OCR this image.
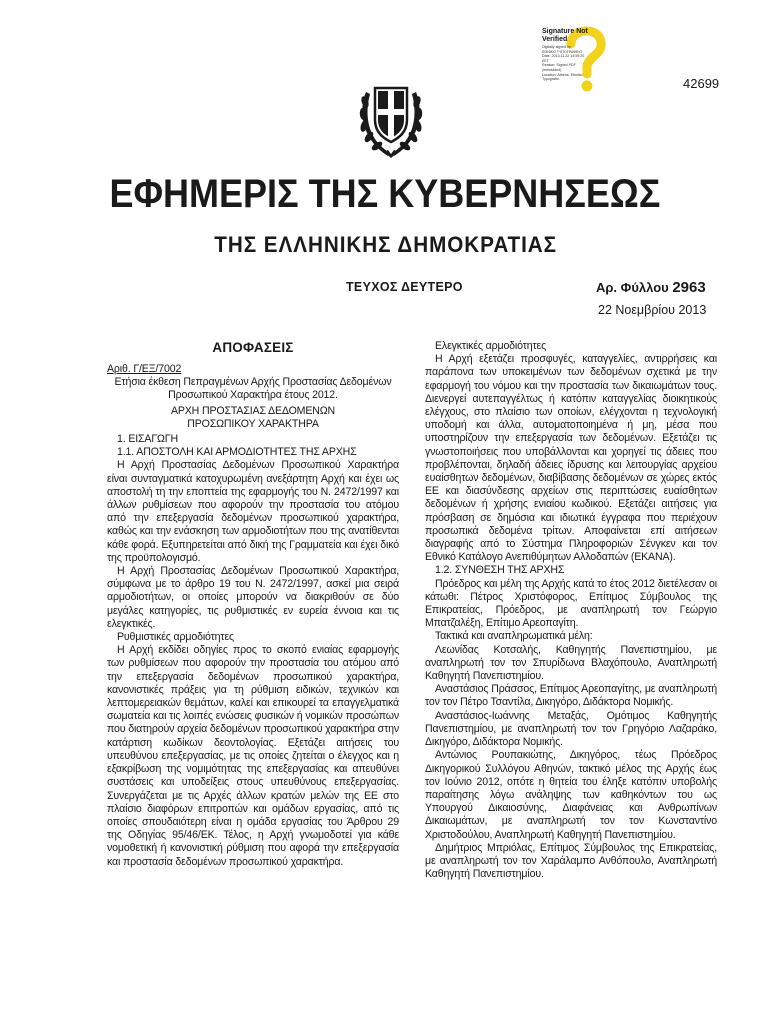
Signature Not Verified
Digitally signed by
ΕΘΝΙΚΟ ΤΥΠΟΓΡΑΦΕΙΟ
Date: 2013.11.22 14:59:20
EET
Reason: Signed PDF
(embedded)
Location: Athens, Ethniko
Typografio	42699
ΕΦΗΜΕΡΙΣ ΤΗΣ ΚΥΒΕΡΝΗΣΕΩΣ
ΤΗΣ ΕΛΛΗΝΙΚΗΣ ΔΗΜΟΚΡΑΤΙΑΣ
ΤΕΥΧΟΣ ΔΕΥΤΕΡΟ	Αρ. Φύλλου 2963
22 Νοεμβρίου 2013
ΑΠΟΦΑΣΕΙΣ

Αριθ. Γ/ΕΞ/7002

Ετήσια έκθεση Πεπραγμένων Αρχής Προστασίας Δεδομένων Προσωπικού Χαρακτήρα έτους 2012.

ΑΡΧΗ ΠΡΟΣΤΑΣΙΑΣ ΔΕΔΟΜΕΝΩΝ

ΠΡΟΣΩΠΙΚΟΥ ΧΑΡΑΚΤΗΡΑ

1. ΕΙΣΑΓΩΓΗ

1.1. ΑΠΟΣΤΟΛΗ ΚΑΙ ΑΡΜΟΔΙΟΤΗΤΕΣ ΤΗΣ ΑΡΧΗΣ

Η Αρχή Προστασίας Δεδομένων Προσωπικού Χαρακτήρα είναι συνταγματικά κατοχυρωμένη ανεξάρτητη Αρχή και έχει ως αποστολή τη την εποπτεία της εφαρμογής του Ν. 2472/1997 και άλλων ρυθμίσεων που αφορούν την προστασία του ατόμου από την επεξεργασία δεδομένων προσωπικού χαρακτήρα, καθώς και την ενάσκηση των αρμοδιοτήτων που της ανατίθενται κάθε φορά. Εξυπηρετείται από δική της Γραμματεία και έχει δικό της προϋπολογισμό.

Η Αρχή Προστασίας Δεδομένων Προσωπικού Χαρακτήρα, σύμφωνα με το άρθρο 19 του Ν. 2472/1997, ασκεί μια σειρά αρμοδιοτήτων, οι οποίες μπορούν να διακριθούν σε δύο μεγάλες κατηγορίες, τις ρυθμιστικές εν ευρεία έννοια και τις ελεγκτικές.

Ρυθμιστικές αρμοδιότητες

Η Αρχή εκδίδει οδηγίες προς το σκοπό ενιαίας εφαρμογής των ρυθμίσεων που αφορούν την προστασία του ατόμου από την επεξεργασία δεδομένων προσωπικού χαρακτήρα, κανονιστικές πράξεις για τη ρύθμιση ειδικών, τεχνικών και λεπτομερειακών θεμάτων, καλεί και επικουρεί τα επαγγελματικά σωματεία και τις λοιπές ενώσεις φυσικών ή νομικών προσώπων που διατηρούν αρχεία δεδομένων προσωπικού χαρακτήρα στην κατάρτιση κωδίκων δεοντολογίας. Εξετάζει αιτήσεις του υπευθύνου επεξεργασίας, με τις οποίες ζητείται ο έλεγχος και η εξακρίβωση της νομιμότητας της επεξεργασίας και απευθύνει συστάσεις και υποδείξεις στους υπευθύνους επεξεργασίας. Συνεργάζεται με τις Αρχές άλλων κρατών μελών της ΕΕ στο πλαίσιο διαφόρων επιτροπών και ομάδων εργασίας, από τις οποίες σπουδαιότερη είναι η ομάδα εργασίας του Άρθρου 29 της Οδηγίας 95/46/ΕΚ. Τέλος, η Αρχή γνωμοδοτεί για κάθε νομοθετική ή κανονιστική ρύθμιση που αφορά την επεξεργασία και προστασία δεδομένων προσωπικού χαρακτήρα.

Ελεγκτικές αρμοδιότητες

Η Αρχή εξετάζει προσφυγές, καταγγελίες, αντιρρήσεις και παράπονα των υποκειμένων των δεδομένων σχετικά με την εφαρμογή του νόμου και την προστασία των δικαιωμάτων τους. Διενεργεί αυτεπαγγέλτως ή κατόπιν καταγγελίας διοικητικούς ελέγχους, στο πλαίσιο των οποίων, ελέγχονται η τεχνολογική υποδομή και άλλα, αυτοματοποιημένα ή μη, μέσα που υποστηρίζουν την επεξεργασία των δεδομένων. Εξετάζει τις γνωστοποιήσεις που υποβάλλονται και χορηγεί τις άδειες που προβλέπονται, δηλαδή άδειες ίδρυσης και λειτουργίας αρχείου ευαίσθητων δεδομένων, διαβίβασης δεδομένων σε χώρες εκτός ΕΕ και διασύνδεσης αρχείων στις περιπτώσεις ευαίσθητων δεδομένων ή χρήσης ενιαίου κωδικού. Εξετάζει αιτήσεις για πρόσβαση σε δημόσια και ιδιωτικά έγγραφα που περιέχουν προσωπικά δεδομένα τρίτων. Αποφαίνεται επί αιτήσεων διαγραφής από το Σύστημα Πληροφοριών Σένγκεν και τον Εθνικό Κατάλογο Ανεπιθύμητων Αλλοδαπών (ΕΚΑΝΑ).

1.2. ΣΥΝΘΕΣΗ ΤΗΣ ΑΡΧΗΣ

Πρόεδρος και μέλη της Αρχής κατά το έτος 2012 διετέλεσαν οι κάτωθι: Πέτρος Χριστόφορος, Επίτιμος Σύμβουλος της Επικρατείας, Πρόεδρος, με αναπληρωτή τον Γεώργιο Μπατζαλέξη, Επίτιμο Αρεοπαγίτη.

Τακτικά και αναπληρωματικά μέλη:

Λεωνίδας Κοτσαλής, Καθηγητής Πανεπιστημίου, με αναπληρωτή τον τον Σπυρίδωνα Βλαχόπουλο, Αναπληρωτή Καθηγητή Πανεπιστημίου.

Αναστάσιος Πράσσος, Επίτιμος Αρεοπαγίτης, με αναπληρωτή τον τον Πέτρο Τσαντίλα, Δικηγόρο, Διδάκτορα Νομικής.

Αναστάσιος-Ιωάννης Μεταξάς, Ομότιμος Καθηγητής Πανεπιστημίου, με αναπληρωτή τον τον Γρηγόριο Λαζαράκο, Δικηγόρο, Διδάκτορα Νομικής.

Αντώνιος Ρουπακιώτης, Δικηγόρος, τέως Πρόεδρος Δικηγορικού Συλλόγου Αθηνών, τακτικό μέλος της Αρχής έως τον Ιούνιο 2012, οπότε η θητεία του έληξε κατόπιν υποβολής παραίτησης λόγω ανάληψης των καθηκόντων του ως Υπουργού Δικαιοσύνης, Διαφάνειας και Ανθρωπίνων Δικαιωμάτων, με αναπληρωτή τον τον Κωνσταντίνο Χριστοδούλου, Αναπληρωτή Καθηγητή Πανεπιστημίου.

Δημήτριος Μπριόλας, Επίτιμος Σύμβουλος της Επικρατείας, με αναπληρωτή τον τον Χαράλαμπο Ανθόπουλο, Αναπληρωτή Καθηγητή Πανεπιστημίου.
